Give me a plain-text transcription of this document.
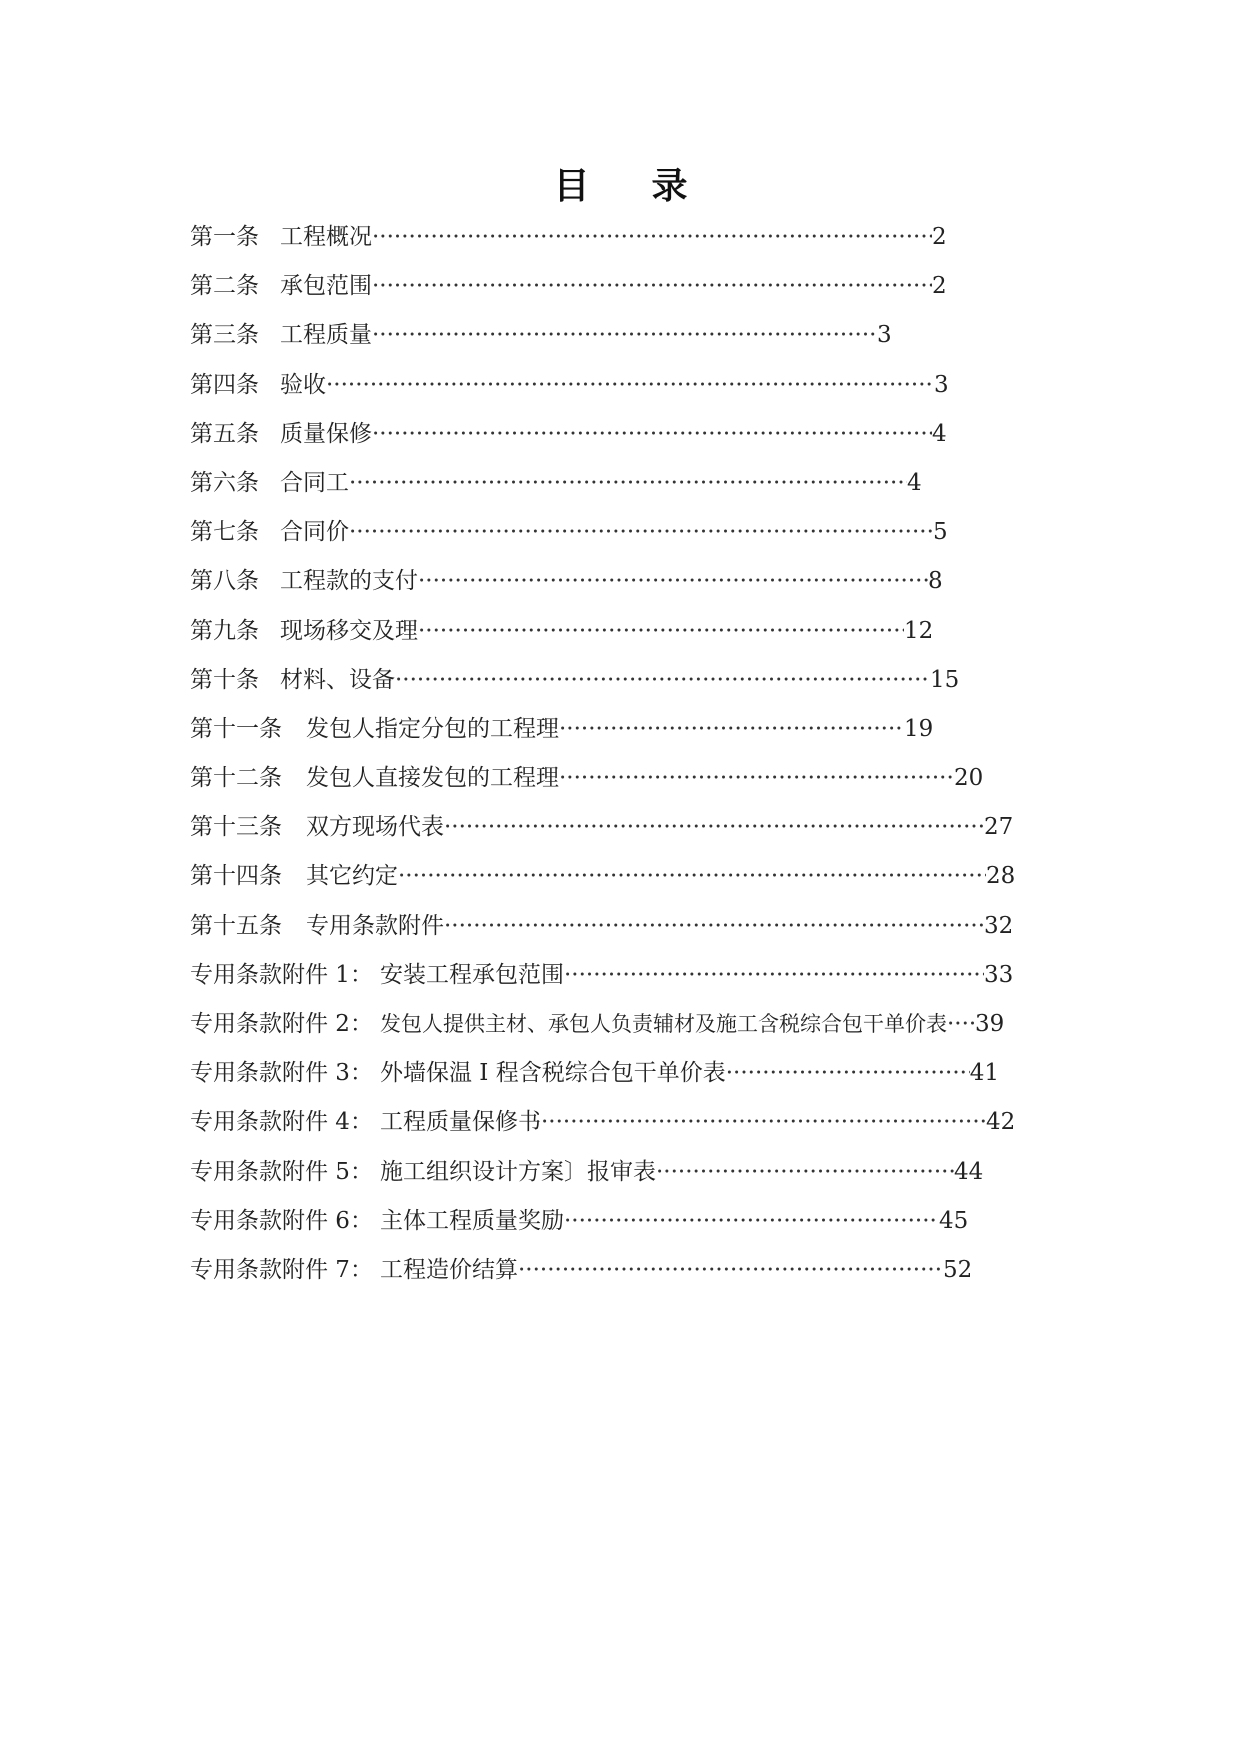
目录
第一条 工程概况 ·····	2
第二条 承包范围 ·····	2
第三条 工程质量 ·····	3
第四条 验收 ·····	3
第五条 质量保修 ·····	4
第六条 合同工 ·····	4
第七条 合同价 ·····	5
第八条 工程款的支付 ·····	8
第九条 现场移交及理 ·····	12
第十条 材料、设备 ·····	15
第十一条	发包人指定分包的工程理 ·····	19
第十二条	发包人直接发包的工程理 ·····	20
第十三条	双方现场代表 ·····	27
第十四条	其它约定 ·····	28
第十五条	专用条款附件 ·····	32
专用条款附件 1： 安装工程承包范围 ·····	33
专用条款附件 2： 发包人提供主材、承包人负责辅材及施工含税综合包干单价表 ····· 39
专用条款附件 3： 外墙保温 I 程含税综合包干单价表 ·····	41
专用条款附件 4： 工程质量保修书 ·····	42
专用条款附件 5： 施工组织设计方案〕报审表 ·····	44
专用条款附件 6： 主体工程质量奖励 ·····	45
专用条款附件 7： 工程造价结算 ·····	52
